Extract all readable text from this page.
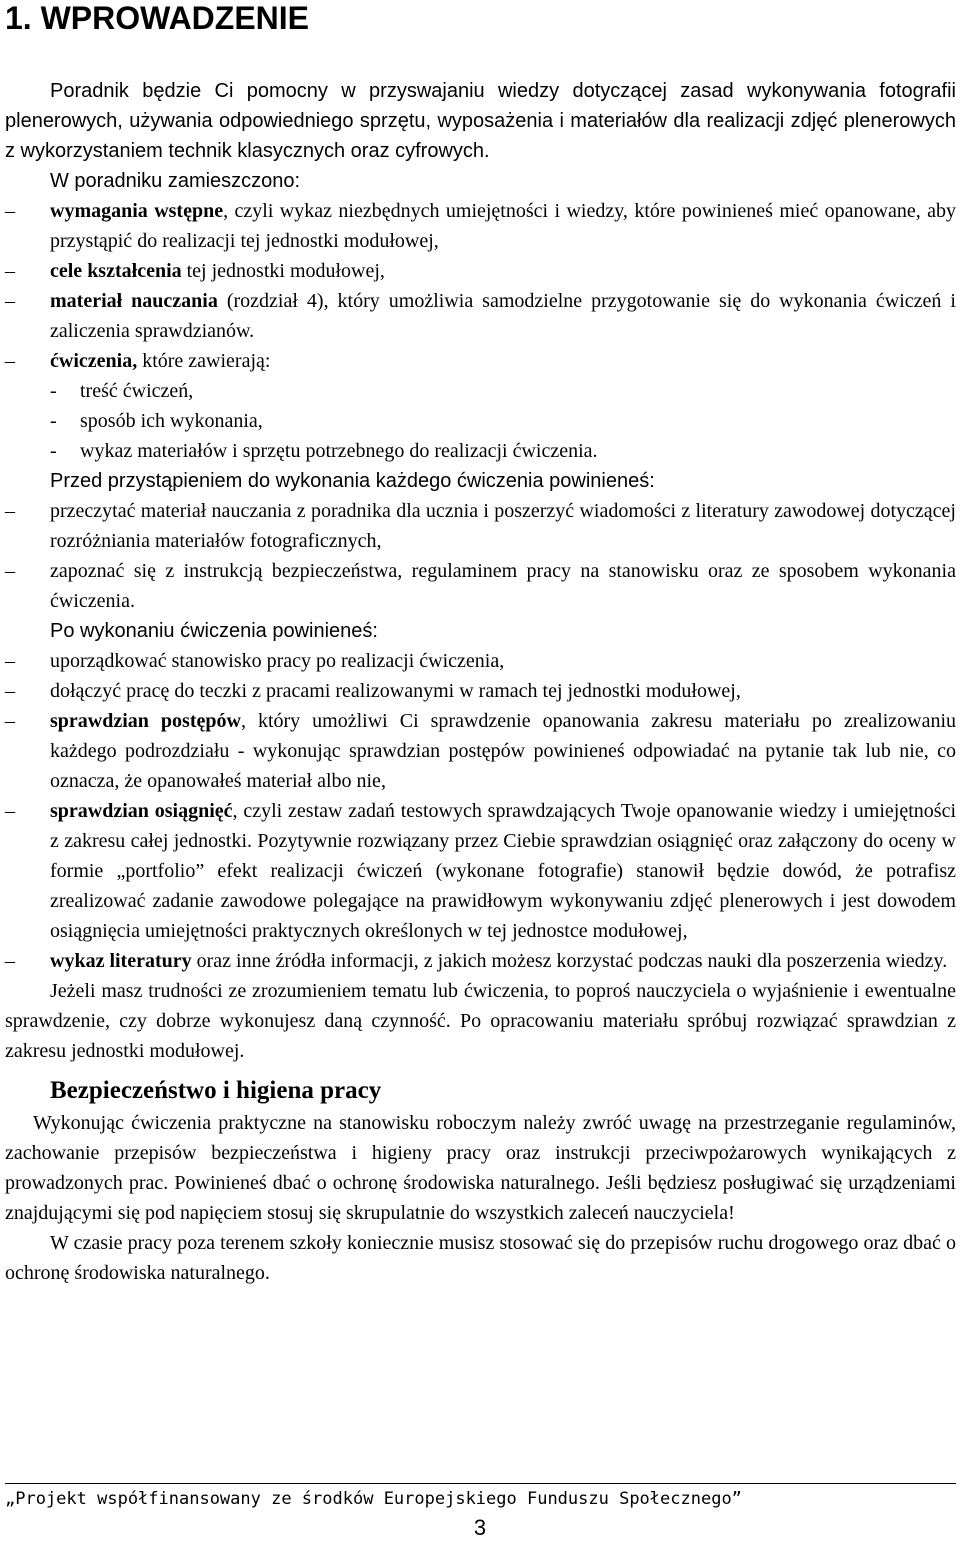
1. WPROWADZENIE

Poradnik będzie Ci pomocny w przyswajaniu wiedzy dotyczącej zasad wykonywania fotografii plenerowych, używania odpowiedniego sprzętu, wyposażenia i materiałów dla realizacji zdjęć plenerowych z wykorzystaniem technik klasycznych oraz cyfrowych.

W poradniku zamieszczono:

–	wymagania wstępne, czyli wykaz niezbędnych umiejętności i wiedzy, które powinieneś mieć opanowane, aby przystąpić do realizacji tej jednostki modułowej,
–	cele kształcenia tej jednostki modułowej,
–	materiał nauczania (rozdział 4), który umożliwia samodzielne przygotowanie się do wykonania ćwiczeń i zaliczenia sprawdzianów.
–	ćwiczenia, które zawierają:
- treść ćwiczeń,
- sposób ich wykonania,
- wykaz materiałów i sprzętu potrzebnego do realizacji ćwiczenia.

Przed przystąpieniem do wykonania każdego ćwiczenia powinieneś:

–	przeczytać materiał nauczania z poradnika dla ucznia i poszerzyć wiadomości z literatury zawodowej dotyczącej rozróżniania materiałów fotograficznych,
–	zapoznać się z instrukcją bezpieczeństwa, regulaminem pracy na stanowisku oraz ze sposobem wykonania ćwiczenia.

Po wykonaniu ćwiczenia powinieneś:

–	uporządkować stanowisko pracy po realizacji ćwiczenia,
–	dołączyć pracę do teczki z pracami realizowanymi w ramach tej jednostki modułowej,
–	sprawdzian postępów, który umożliwi Ci sprawdzenie opanowania zakresu materiału po zrealizowaniu każdego podrozdziału - wykonując sprawdzian postępów powinieneś odpowiadać na pytanie tak lub nie, co oznacza, że opanowałeś materiał albo nie,
–	sprawdzian osiągnięć, czyli zestaw zadań testowych sprawdzających Twoje opanowanie wiedzy i umiejętności z zakresu całej jednostki. Pozytywnie rozwiązany przez Ciebie sprawdzian osiągnięć oraz załączony do oceny w formie „portfolio” efekt realizacji ćwiczeń (wykonane fotografie) stanowił będzie dowód, że potrafisz zrealizować zadanie zawodowe polegające na prawidłowym wykonywaniu zdjęć plenerowych i jest dowodem osiągnięcia umiejętności praktycznych określonych w tej jednostce modułowej,
–	wykaz literatury oraz inne źródła informacji, z jakich możesz korzystać podczas nauki dla poszerzenia wiedzy.

Jeżeli masz trudności ze zrozumieniem tematu lub ćwiczenia, to poproś nauczyciela o wyjaśnienie i ewentualne sprawdzenie, czy dobrze wykonujesz daną czynność. Po opracowaniu materiału spróbuj rozwiązać sprawdzian z zakresu jednostki modułowej.

Bezpieczeństwo i higiena pracy

Wykonując ćwiczenia praktyczne na stanowisku roboczym należy zwróć uwagę na przestrzeganie regulaminów, zachowanie przepisów bezpieczeństwa i higieny pracy oraz instrukcji przeciwpożarowych wynikających z prowadzonych prac. Powinieneś dbać o ochronę środowiska naturalnego. Jeśli będziesz posługiwać się urządzeniami znajdującymi się pod napięciem stosuj się skrupulatnie do wszystkich zaleceń nauczyciela!

W czasie pracy poza terenem szkoły koniecznie musisz stosować się do przepisów ruchu drogowego oraz dbać o ochronę środowiska naturalnego.

„Projekt współfinansowany ze środków Europejskiego Funduszu Społecznego”
3
